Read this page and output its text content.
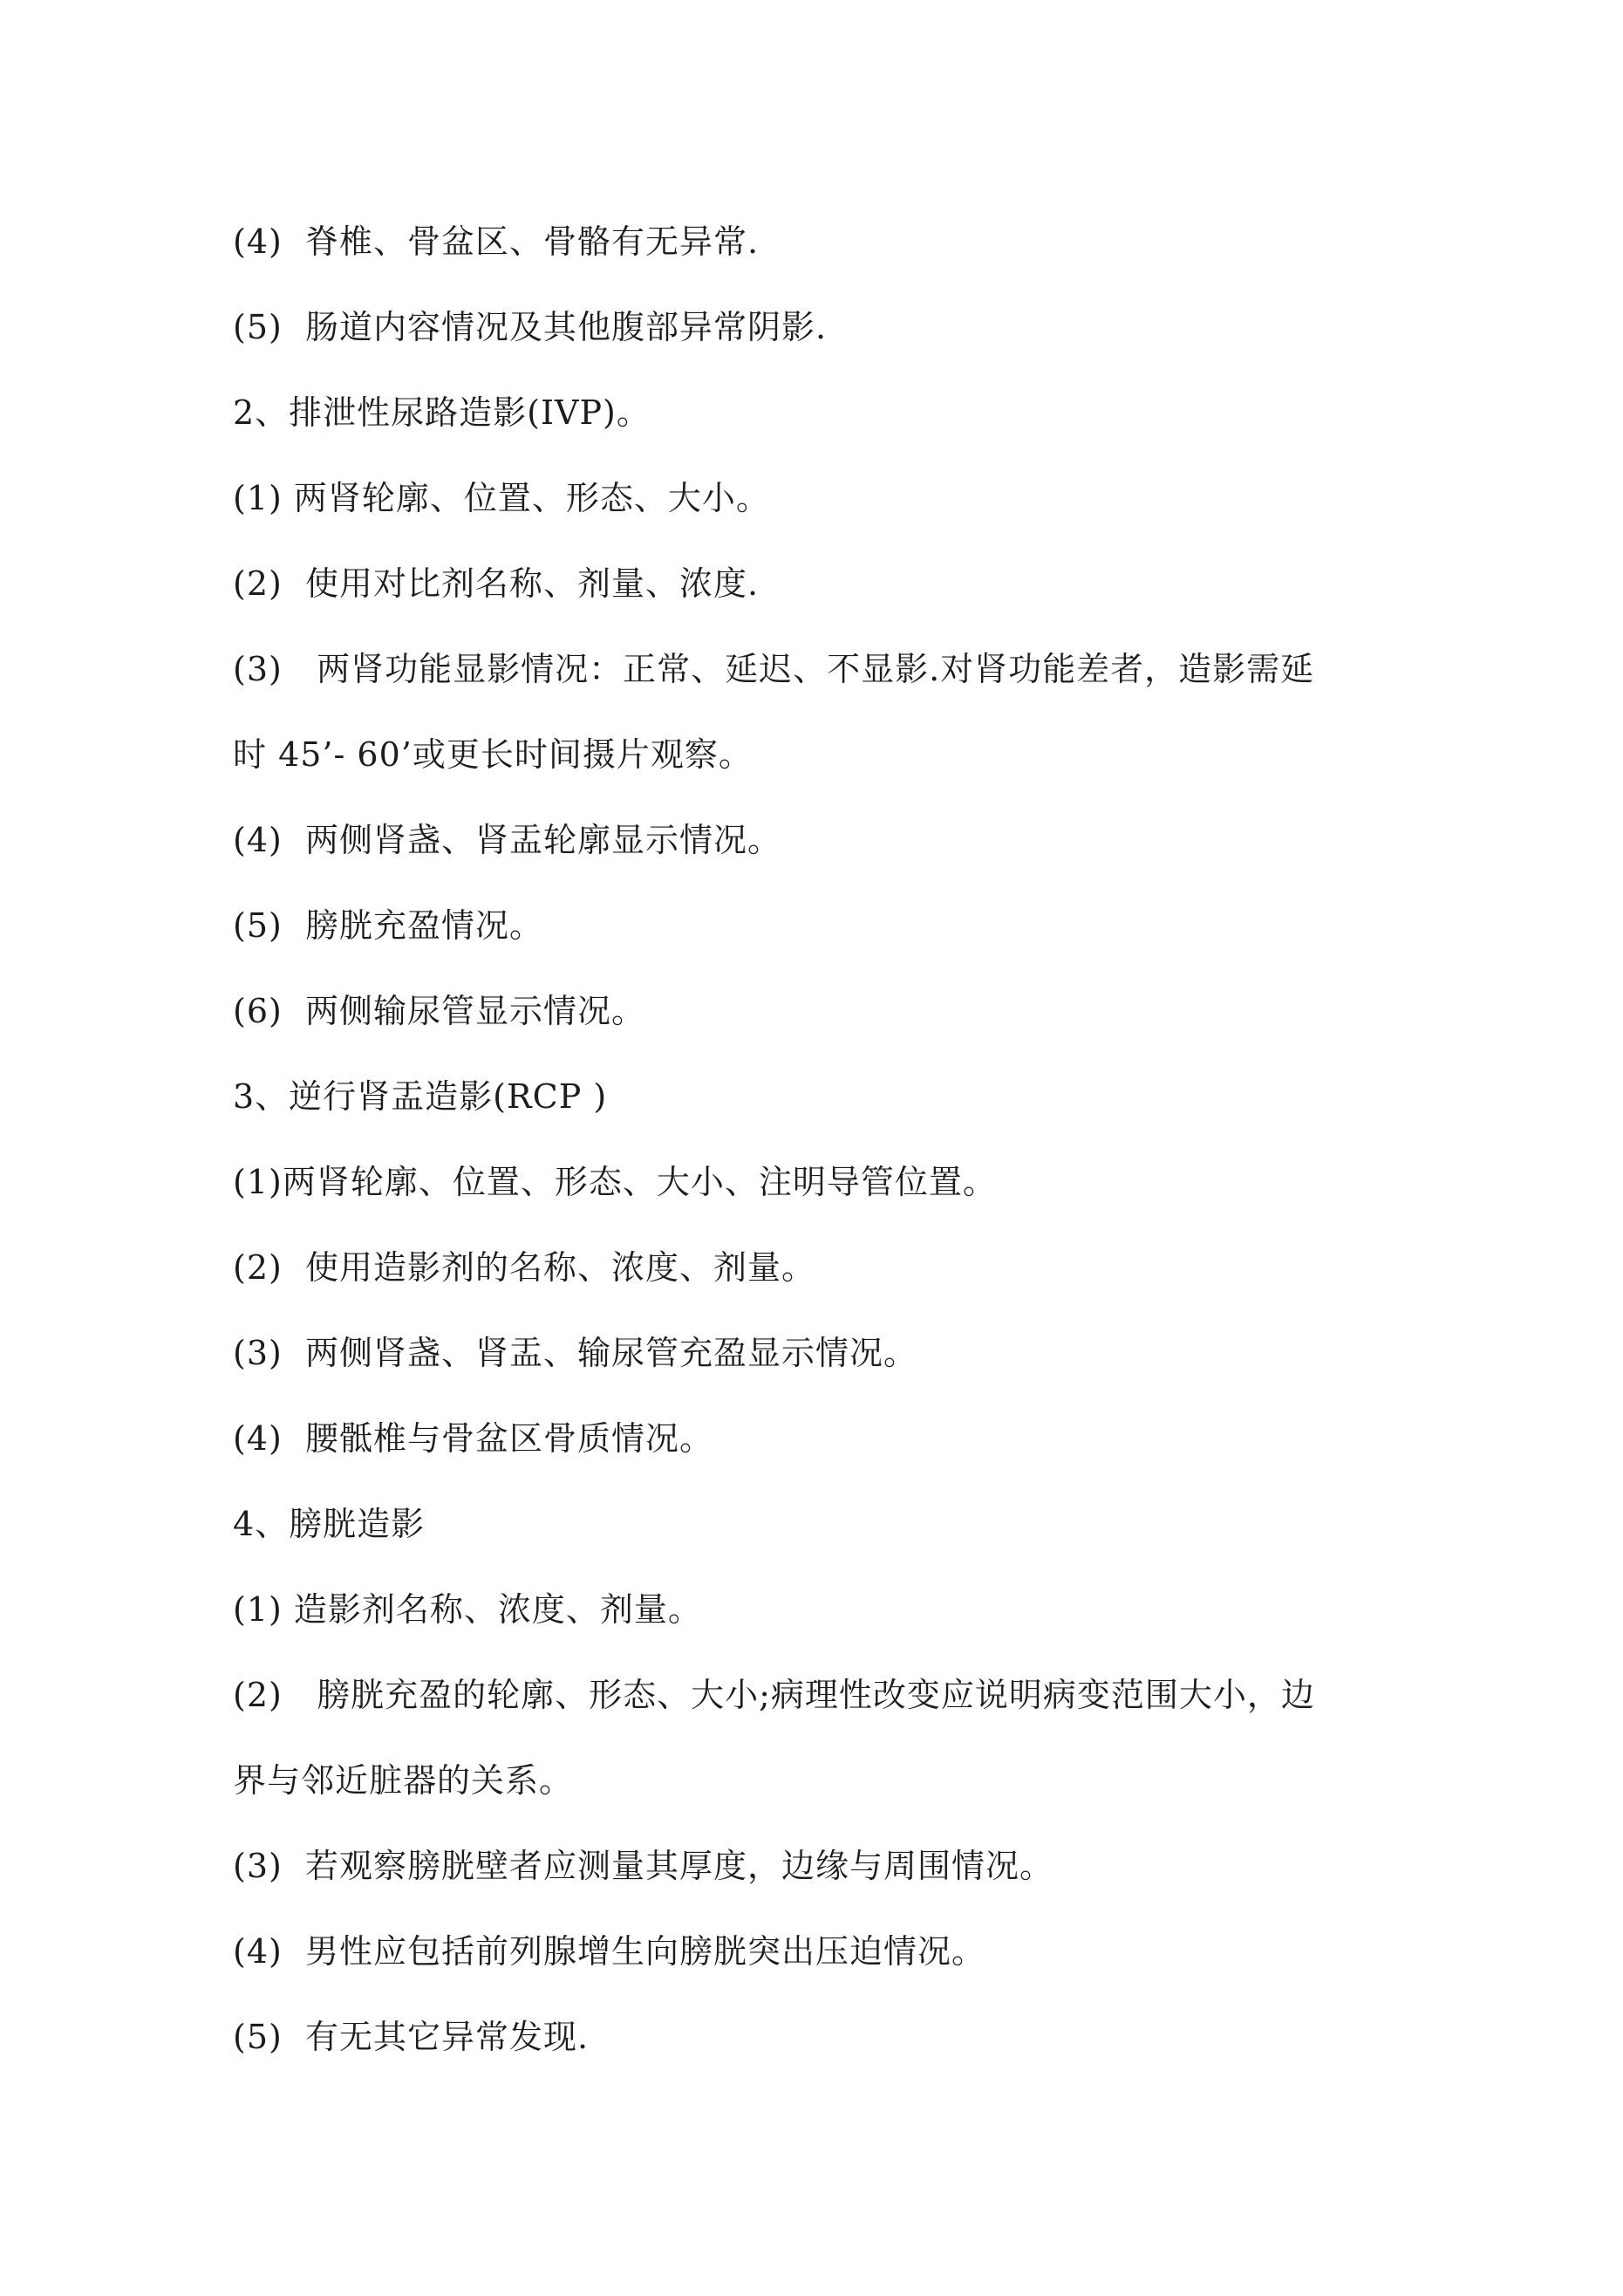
(4)  脊椎、骨盆区、骨骼有无异常.
(5)  肠道内容情况及其他腹部异常阴影.
2、排泄性尿路造影(IVP)。
(1) 两肾轮廓、位置、形态、大小。
(2)  使用对比剂名称、剂量、浓度.
(3)   两肾功能显影情况：正常、延迟、不显影.对肾功能差者，造影需延
时 45’- 60’或更长时间摄片观察。
(4)  两侧肾盏、肾盂轮廓显示情况。
(5)  膀胱充盈情况。
(6)  两侧输尿管显示情况。
3、逆行肾盂造影(RCP )
(1)两肾轮廓、位置、形态、大小、注明导管位置。
(2)  使用造影剂的名称、浓度、剂量。
(3)  两侧肾盏、肾盂、输尿管充盈显示情况。
(4)  腰骶椎与骨盆区骨质情况。
4、膀胱造影
(1) 造影剂名称、浓度、剂量。
(2)   膀胱充盈的轮廓、形态、大小;病理性改变应说明病变范围大小，边
界与邻近脏器的关系。
(3)  若观察膀胱壁者应测量其厚度，边缘与周围情况。
(4)  男性应包括前列腺增生向膀胱突出压迫情况。
(5)  有无其它异常发现.
